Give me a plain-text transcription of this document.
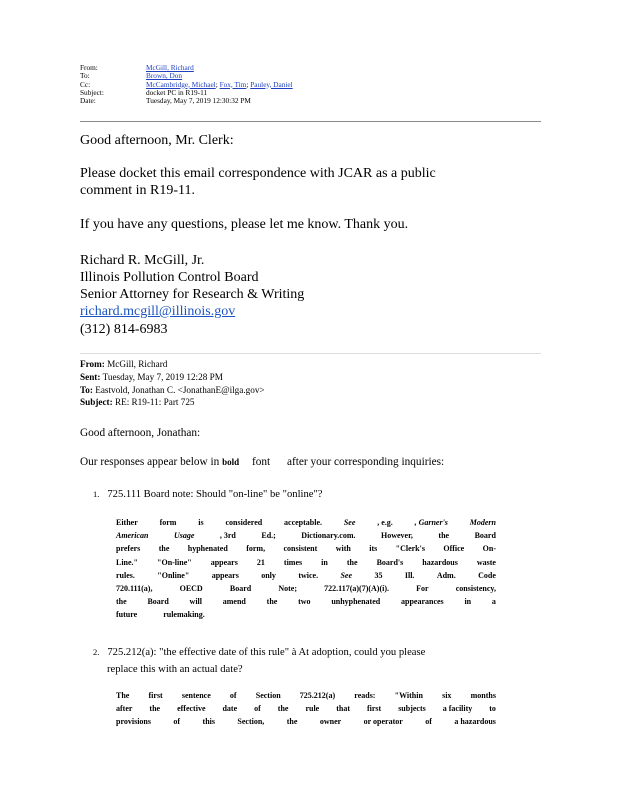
From:	McGill, Richard
To:	Brown, Don
Cc:	McCambridge, Michael; Fox, Tim; Pauley, Daniel
Subject:	docket PC in R19-11
Date:	Tuesday, May 7, 2019 12:30:32 PM
Good afternoon, Mr. Clerk:
Please docket this email correspondence with JCAR as a public
comment in R19-11.
If you have any questions, please let me know. Thank you.
Richard R. McGill, Jr.
Illinois Pollution Control Board
Senior Attorney for Research & Writing
richard.mcgill@illinois.gov
(312) 814-6983
From: McGill, Richard
Sent: Tuesday, May 7, 2019 12:28 PM
To: Eastvold, Jonathan C. <JonathanE@ilga.gov>
Subject: RE: R19-11: Part 725
Good afternoon, Jonathan:
Our responses appear below in bold font after your corresponding inquiries:
1. 725.111 Board note: Should "on-line" be "online"?
Either	form	is	considered	acceptable.	See	, e.g.	, Garner's	Modern
American	Usage	, 3rd	Ed.;	Dictionary.com.	However,	the	Board
prefers the hyphenated form, consistent with its "Clerk's Office On-
Line." "On-line" appears 21 times in the Board's hazardous waste
rules.	"Online"	appears	only	twice.	See	35	Ill.	Adm.	Code
720.111(a),	OECD	Board	Note;	722.117(a)(7)(A)(i).	For	consistency,
the	Board	will	amend	the	two	unhyphenated	appearances	in	a
future	rulemaking.
2. 725.212(a): "the effective date of this rule" à At adoption, could you please
replace this with an actual date?
The first sentence of Section 725.212(a) reads: "Within six months
after the effective date of the rule that first subjects a facility to
provisions	of	this	Section,	the	owner	or operator	of	a hazardous
